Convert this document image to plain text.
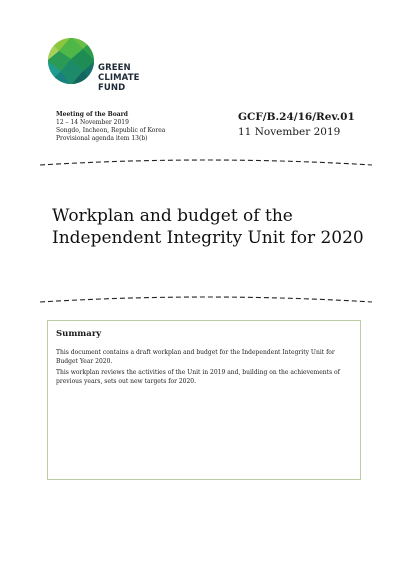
GREEN
CLIMATE
FUND
Meeting of the Board
12 – 14 November 2019
Songdo, Incheon, Republic of Korea
Provisional agenda item 13(b)
GCF/B.24/16/Rev.01
11 November 2019
Workplan and budget of the
Independent Integrity Unit for 2020
Summary
This document contains a draft workplan and budget for the Independent Integrity Unit for Budget Year 2020.
This workplan reviews the activities of the Unit in 2019 and, building on the achievements of previous years, sets out new targets for 2020.
